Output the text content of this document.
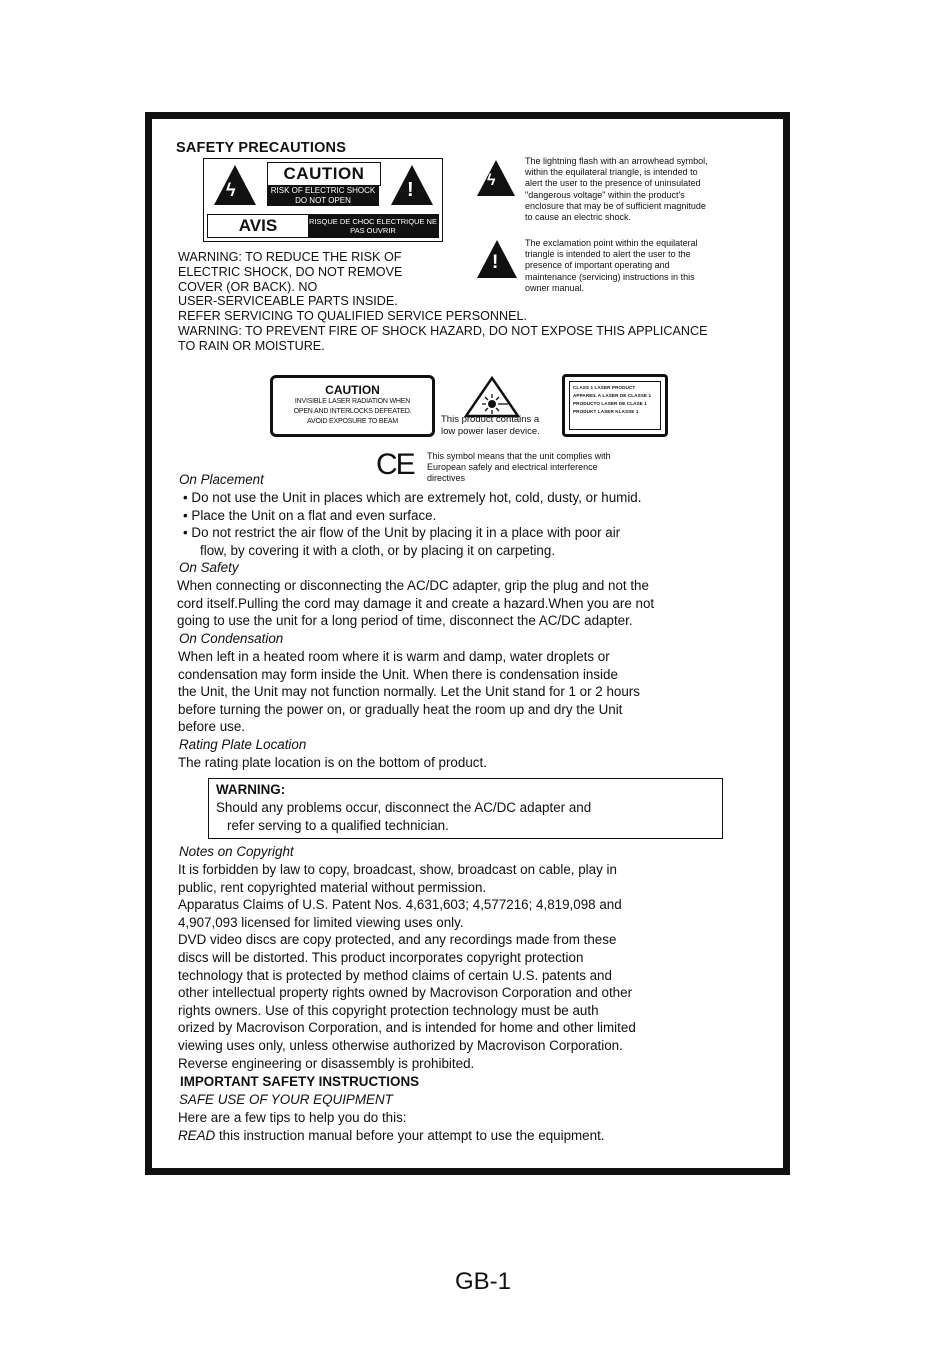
SAFETY PRECAUTIONS
ϟ
CAUTION
RISK OF ELECTRIC SHOCK
DO NOT OPEN	!
AVIS	RISQUE DE CHOC ELECTRIQUE NE
PAS OUVRIR
ϟ
The lightning flash with an arrowhead symbol,
within the equilateral triangle, is intended to
alert the user to the presence of uninsulated
"dangerous voltage" within the product's
enclosure that may be of sufficient magnitude
to cause an electric shock.
!
The exclamation point within the equilateral
triangle is intended to alert the user to the
presence of important operating and
maintenance (servicing) instructions in this
owner manual.
WARNING: TO REDUCE THE RISK OF
ELECTRIC SHOCK, DO NOT REMOVE
COVER (OR BACK). NO
USER-SERVICEABLE PARTS INSIDE.
REFER SERVICING TO QUALIFIED SERVICE PERSONNEL.
WARNING: TO PREVENT FIRE OF SHOCK HAZARD, DO NOT EXPOSE THIS APPLICANCE
TO RAIN OR MOISTURE.
CAUTION
INVISIBLE LASER RADIATION WHEN
OPEN AND INTERLOCKS DEFEATED.
AVOID EXPOSURE TO BEAM	This product contains a
low power laser device.
CLASS 1 LASER PRODUCT
APPAREIL A LASER DE CLASSE 1
PRODUCTO LASER DE CLASE 1
PRODUKT LASER KLASSE 1
CE This symbol means that the unit complies with
European safely and electrical interference
directives
On Placement
• Do not use the Unit in places which are extremely hot, cold, dusty, or humid.
• Place the Unit on a flat and even surface.
• Do not restrict the air flow of the Unit by placing it in a place with poor air
flow, by covering it with a cloth, or by placing it on carpeting.
On Safety
When connecting or disconnecting the AC/DC adapter, grip the plug and not the
cord itself.Pulling the cord may damage it and create a hazard.When you are not
going to use the unit for a long period of time, disconnect the AC/DC adapter.
On Condensation
When left in a heated room where it is warm and damp, water droplets or
condensation may form inside the Unit. When there is condensation inside
the Unit, the Unit may not function normally. Let the Unit stand for 1 or 2 hours
before turning the power on, or gradually heat the room up and dry the Unit
before use.
Rating Plate Location
The rating plate location is on the bottom of product.
WARNING:
Should any problems occur, disconnect the AC/DC adapter and
refer serving to a qualified technician.
Notes on Copyright
It is forbidden by law to copy, broadcast, show, broadcast on cable, play in
public, rent copyrighted material without permission.
Apparatus Claims of U.S. Patent Nos. 4,631,603; 4,577216; 4,819,098 and
4,907,093 licensed for limited viewing uses only.
DVD video discs are copy protected, and any recordings made from these
discs will be distorted. This product incorporates copyright protection
technology that is protected by method claims of certain U.S. patents and
other intellectual property rights owned by Macrovison Corporation and other
rights owners. Use of this copyright protection technology must be auth
orized by Macrovison Corporation, and is intended for home and other limited
viewing uses only, unless otherwise authorized by Macrovison Corporation.
Reverse engineering or disassembly is prohibited.
IMPORTANT SAFETY INSTRUCTIONS
SAFE USE OF YOUR EQUIPMENT
Here are a few tips to help you do this:
READ this instruction manual before your attempt to use the equipment.
GB-1
